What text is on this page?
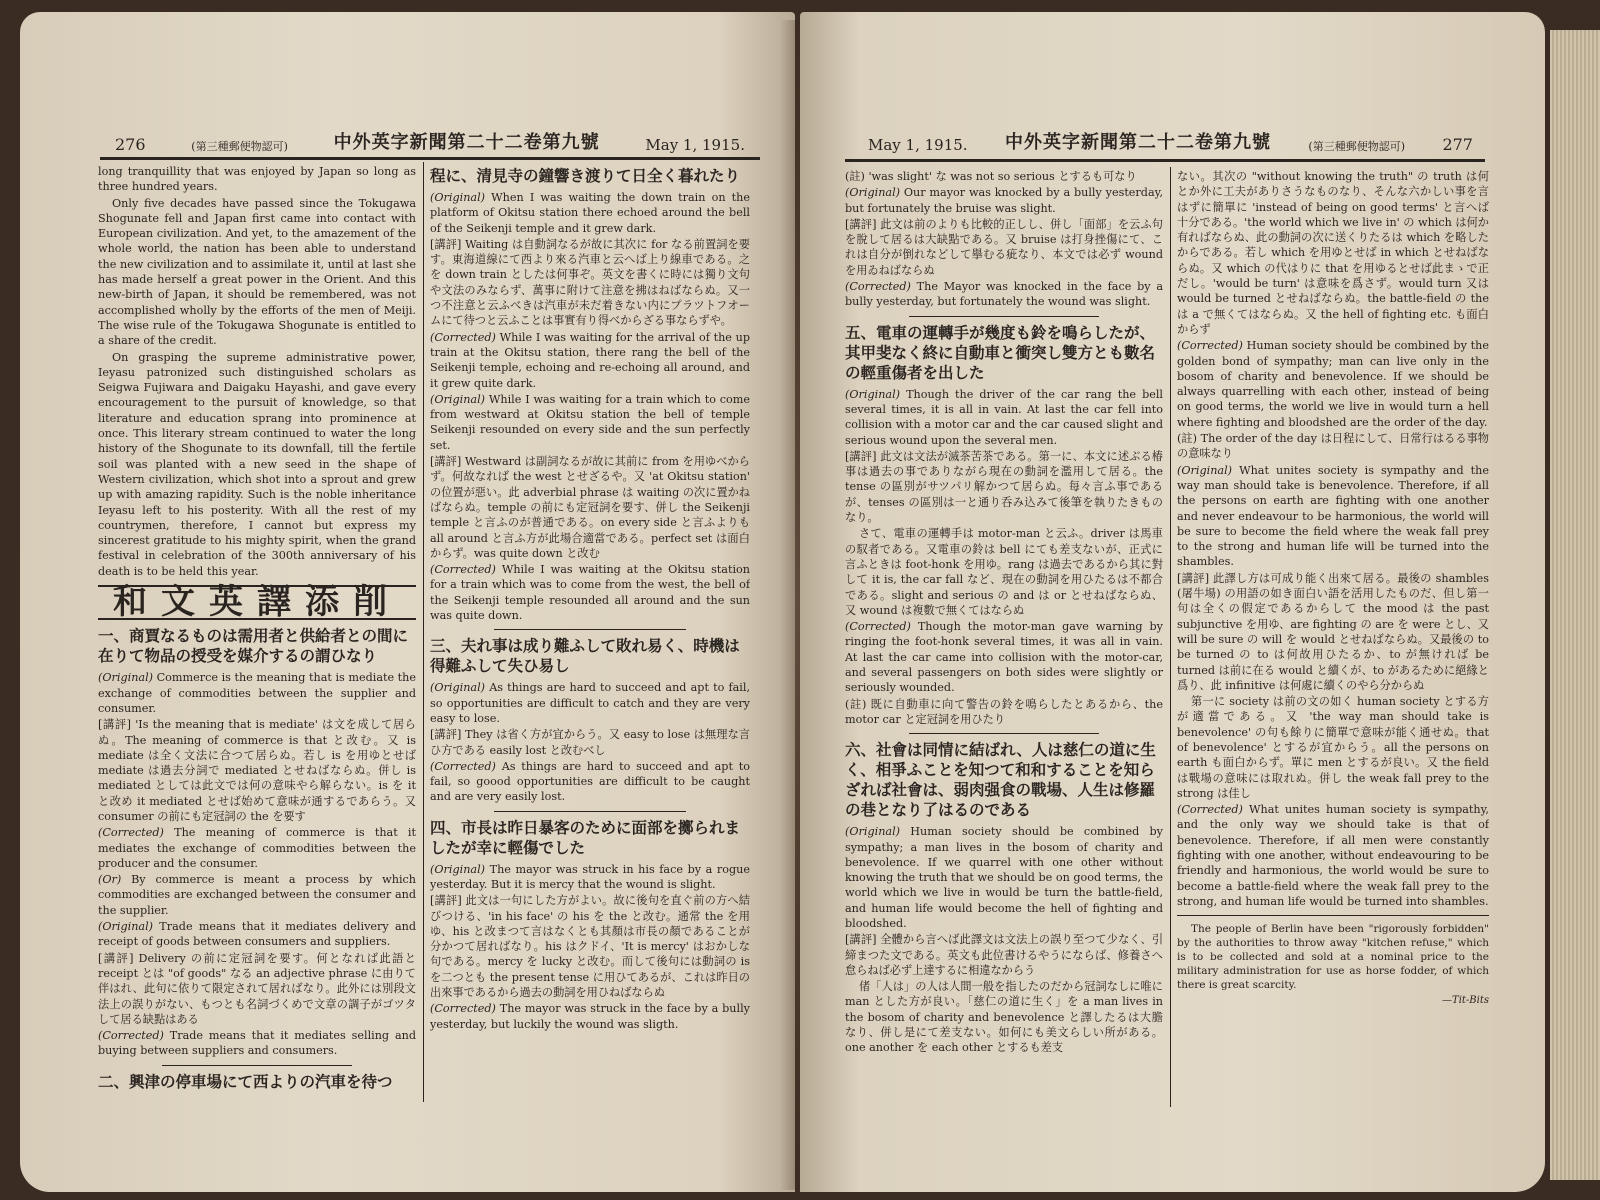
276	(第三種郵便物認可)	中外英字新聞第二十二卷第九號	May 1, 1915.

long tranquillity that was enjoyed by Japan so long as three hundred years.

Only five decades have passed since the Tokugawa Shogunate fell and Japan first came into contact with European civilization. And yet, to the amazement of the whole world, the nation has been able to understand the new civilization and to assimilate it, until at last she has made herself a great power in the Orient. And this new-birth of Japan, it should be remembered, was not accomplished wholly by the efforts of the men of Meiji. The wise rule of the Tokugawa Shogunate is entitled to a share of the credit.

On grasping the supreme administrative power, Ieyasu patronized such distinguished scholars as Seigwa Fujiwara and Daigaku Hayashi, and gave every encouragement to the pursuit of knowledge, so that literature and education sprang into prominence at once. This literary stream continued to water the long history of the Shogunate to its downfall, till the fertile soil was planted with a new seed in the shape of Western civilization, which shot into a sprout and grew up with amazing rapidity. Such is the noble inheritance Ieyasu left to his posterity. With all the rest of my countrymen, therefore, I cannot but express my sincerest gratitude to his mighty spirit, when the grand festival in celebration of the 300th anniversary of his death is to be held this year.

和文英譯添削
一、商賈なるものは需用者と供給者との間に在りて物品の授受を媒介するの謂ひなり

(Original) Commerce is the meaning that is mediate the exchange of commodities between the supplier and consumer.

[講評] 'Is the meaning that is mediate' は文を成して居らぬ。The meaning of commerce is that と改む。又 is mediate は全く文法に合つて居らぬ。若し is を用ゆとせば mediate は過去分詞で mediated とせねばならぬ。併し is mediated としては此文では何の意味やら解らない。is を it と改め it mediated とせば始めて意味が通するであらう。又 consumer の前にも定冠詞の the を要す

(Corrected) The meaning of commerce is that it mediates the exchange of commodities between the producer and the consumer.

(Or) By commerce is meant a process by which commodities are exchanged between the consumer and the supplier.

(Original) Trade means that it mediates delivery and receipt of goods between consumers and suppliers.

[講評] Delivery の前に定冠詞を要す。何となれば此語と receipt とは "of goods" なる an adjective phrase に由りて伴はれ、此句に依りて限定されて居ればなり。此外には別段文法上の誤りがない、もつとも名詞づくめで文章の調子がゴツタして居る缺點はある

(Corrected) Trade means that it mediates selling and buying between suppliers and consumers.

二、興津の停車場にて西よりの汽車を待つ
程に、清見寺の鐘響き渡りて日全く暮れたり

(Original) When I was waiting the down train on the platform of Okitsu station there echoed around the bell of the Seikenji temple and it grew dark.

[講評] Waiting は自動詞なるが故に其次に for なる前置詞を要す。東海道線にて西より來る汽車と云へば上り線車である。之を down train としたは何事ぞ。英文を書くに時には獨り文句や文法のみならず、萬事に附けて注意を拂はねばならぬ。又一つ不注意と云ふべきは汽車が未だ着きない内にプラツトフオームにて待つと云ふことは事實有り得べからざる事ならずや。

(Corrected) While I was waiting for the arrival of the up train at the Okitsu station, there rang the bell of the Seikenji temple, echoing and re-echoing all around, and it grew quite dark.

(Original) While I was waiting for a train which to come from westward at Okitsu station the bell of temple Seikenji resounded on every side and the sun perfectly set.

[講評] Westward は副詞なるが故に其前に from を用ゆべからず。何故なれば the west とせざるや。又 'at Okitsu station' の位置が惡い。此 adverbial phrase は waiting の次に置かねばならぬ。temple の前にも定冠詞を要す、併し the Seikenji temple と言ふのが普通である。on every side と言ふよりも all around と言ふ方が此場合適當である。perfect set は面白からず。was quite down と改む

(Corrected) While I was waiting at the Okitsu station for a train which was to come from the west, the bell of the Seikenji temple resounded all around and the sun was quite down.

三、夫れ事は成り難ふして敗れ易く、時機は得難ふして失ひ易し

(Original) As things are hard to succeed and apt to fail, so opportunities are difficult to catch and they are very easy to lose.

[講評] They は省く方が宜からう。又 easy to lose は無理な言ひ方である easily lost と改むべし

(Corrected) As things are hard to succeed and apt to fail, so goood opportunities are difficult to be caught and are very easily lost.

四、市長は昨日暴客のために面部を擲られましたが幸に輕傷でした

(Original) The mayor was struck in his face by a rogue yesterday. But it is mercy that the wound is slight.

[講評] 此文は一句にした方がよい。故に後句を直ぐ前の方へ結びつける、'in his face' の his を the と改む。通常 the を用ゆ、his と改まつて言はなくとも其顏は市長の顏であることが分かつて居ればなり。his はクドイ、'It is mercy' はおかしな句である。mercy を lucky と改む。而して後句には動詞の is を二つとも the present tense に用ひてあるが、これは昨日の出來事であるから過去の動詞を用ひねばならぬ

(Corrected) The mayor was struck in the face by a bully yesterday, but luckily the wound was sligth.

May 1, 1915. 中外英字新聞第二十二卷第九號	(第三種郵便物認可) 277

(註) 'was slight' な was not so serious とするも可なり

(Original) Our mayor was knocked by a bully yesterday, but fortunately the bruise was slight.

[講評] 此文は前のよりも比較的正しし、併し「面部」を云ふ句を脫して居るは大缺點である。又 bruise は打身挫傷にて、これは自分が倒れなどして擧むる疵なり、本文では必ず wound を用ゐねばならぬ

(Corrected) The Mayor was knocked in the face by a bully yesterday, but fortunately the wound was slight.

五、電車の運轉手が幾度も鈴を鳴らしたが、其甲斐なく終に自動車と衝突し雙方とも數名の輕重傷者を出した

(Original) Though the driver of the car rang the bell several times, it is all in vain. At last the car fell into collision with a motor car and the car caused slight and serious wound upon the several men.

[講評] 此文は文法が滅茶苦茶である。第一に、本文に述ぶる椿事は過去の事でありながら現在の動詞を濫用して居る。the tense の區別がサツパリ解かつて居らぬ。每々言ふ事であるが、tenses の區別は一と通り呑み込みて後筆を執りたきものなり。

さて、電車の運轉手は motor-man と云ふ。driver は馬車の馭者である。又電車の鈴は bell にても差支ないが、正式に言ふときは foot-honk を用ゆ。rang は過去であるから其に對して it is, the car fall など、現在の動詞を用ひたるは不都合である。slight and serious の and は or とせねばならぬ、又 wound は複數で無くてはならぬ

(Corrected) Though the motor-man gave warning by ringing the foot-honk several times, it was all in vain. At last the car came into collision with the motor-car, and several passengers on both sides were slightly or seriously wounded.

(註) 既に自動車に向て警告の鈴を鳴らしたとあるから、the motor car と定冠詞を用ひたり

六、社會は同情に結ばれ、人は慈仁の道に生く、相爭ふことを知つて和和することを知らざれば社會は、弱肉强食の戰場、人生は修羅の巷となり了はるのである

(Original) Human society should be combined by sympathy; a man lives in the bosom of charity and benevolence. If we quarrel with one other without knowing the truth that we should be on good terms, the world which we live in would be turn the battle-field, and human life would become the hell of fighting and bloodshed.

[講評] 全體から言へば此譯文は文法上の誤り至つて少なく、引締まつた文である。英文も此位書けるやうにならば、修養さへ怠らねば必ず上達するに相違なからう

偖「人は」の人は人間一般を指したのだから冠詞なしに唯に man とした方が良い。「慈仁の道に生く」を a man lives in the bosom of charity and benevolence と譯したるは大膽なり、併し是にて差支ない。如何にも美文らしい所がある。one another を each other とするも差支

ない。其次の "without knowing the truth" の truth は何とか外に工夫がありさうなものなり、そんな六かしい事を言はずに簡單に 'instead of being on good terms' と言へば十分である。'the world which we live in' の which は何か有ればならぬ、此の動詞の次に送くりたるは which を略したからである。若し which を用ゆとせば in which とせねばならぬ。又 which の代はりに that を用ゆるとせば此まゝで正だし。'would be turn' は意味を爲さず。would turn 又は would be turned とせねばならぬ。the battle-field の the は a で無くてはならぬ。又 the hell of fighting etc. も面白からず

(Corrected) Human society should be combined by the golden bond of sympathy; man can live only in the bosom of charity and benevolence. If we should be always quarrelling with each other, instead of being on good terms, the world we live in would turn a hell where fighting and bloodshed are the order of the day.

(註) The order of the day は日程にして、日常行はるる事物の意味なり

(Original) What unites society is sympathy and the way man should take is benevolence. Therefore, if all the persons on earth are fighting with one another and never endeavour to be harmonious, the world will be sure to become the field where the weak fall prey to the strong and human life will be turned into the shambles.

[講評] 此譯し方は可成り能く出來て居る。最後の shambles (屠牛場) の用語の如き面白い語を活用したものだ、但し第一句は全くの假定であるからして the mood は the past subjunctive を用ゆ、are fighting の are を were とし、又 will be sure の will を would とせねばならぬ。又最後の to be turned の to は何故用ひたるか、to が無ければ be turned は前に在る would と續くが、to があるために絕緣と爲り、此 infinitive は何處に續くのやら分からぬ

第一に society は前の文の如く human society とする方が適當である。又 'the way man should take is benevolence' の句も餘りに簡單で意味が能く通せぬ。that of benevolence' とするが宜からう。all the persons on earth も面白からず。單に men とするが良い。又 the field は戰場の意味には取れぬ。併し the weak fall prey to the strong は佳し

(Corrected) What unites human society is sympathy, and the only way we should take is that of benevolence. Therefore, if all men were constantly fighting with one another, without endeavouring to be friendly and harmonious, the world would be sure to become a battle-field where the weak fall prey to the strong, and human life would be turned into shambles.

The people of Berlin have been "rigorously forbidden" by the authorities to throw away "kitchen refuse," which is to be collected and sold at a nominal price to the military administration for use as horse fodder, of which there is great scarcity.

—Tit-Bits
